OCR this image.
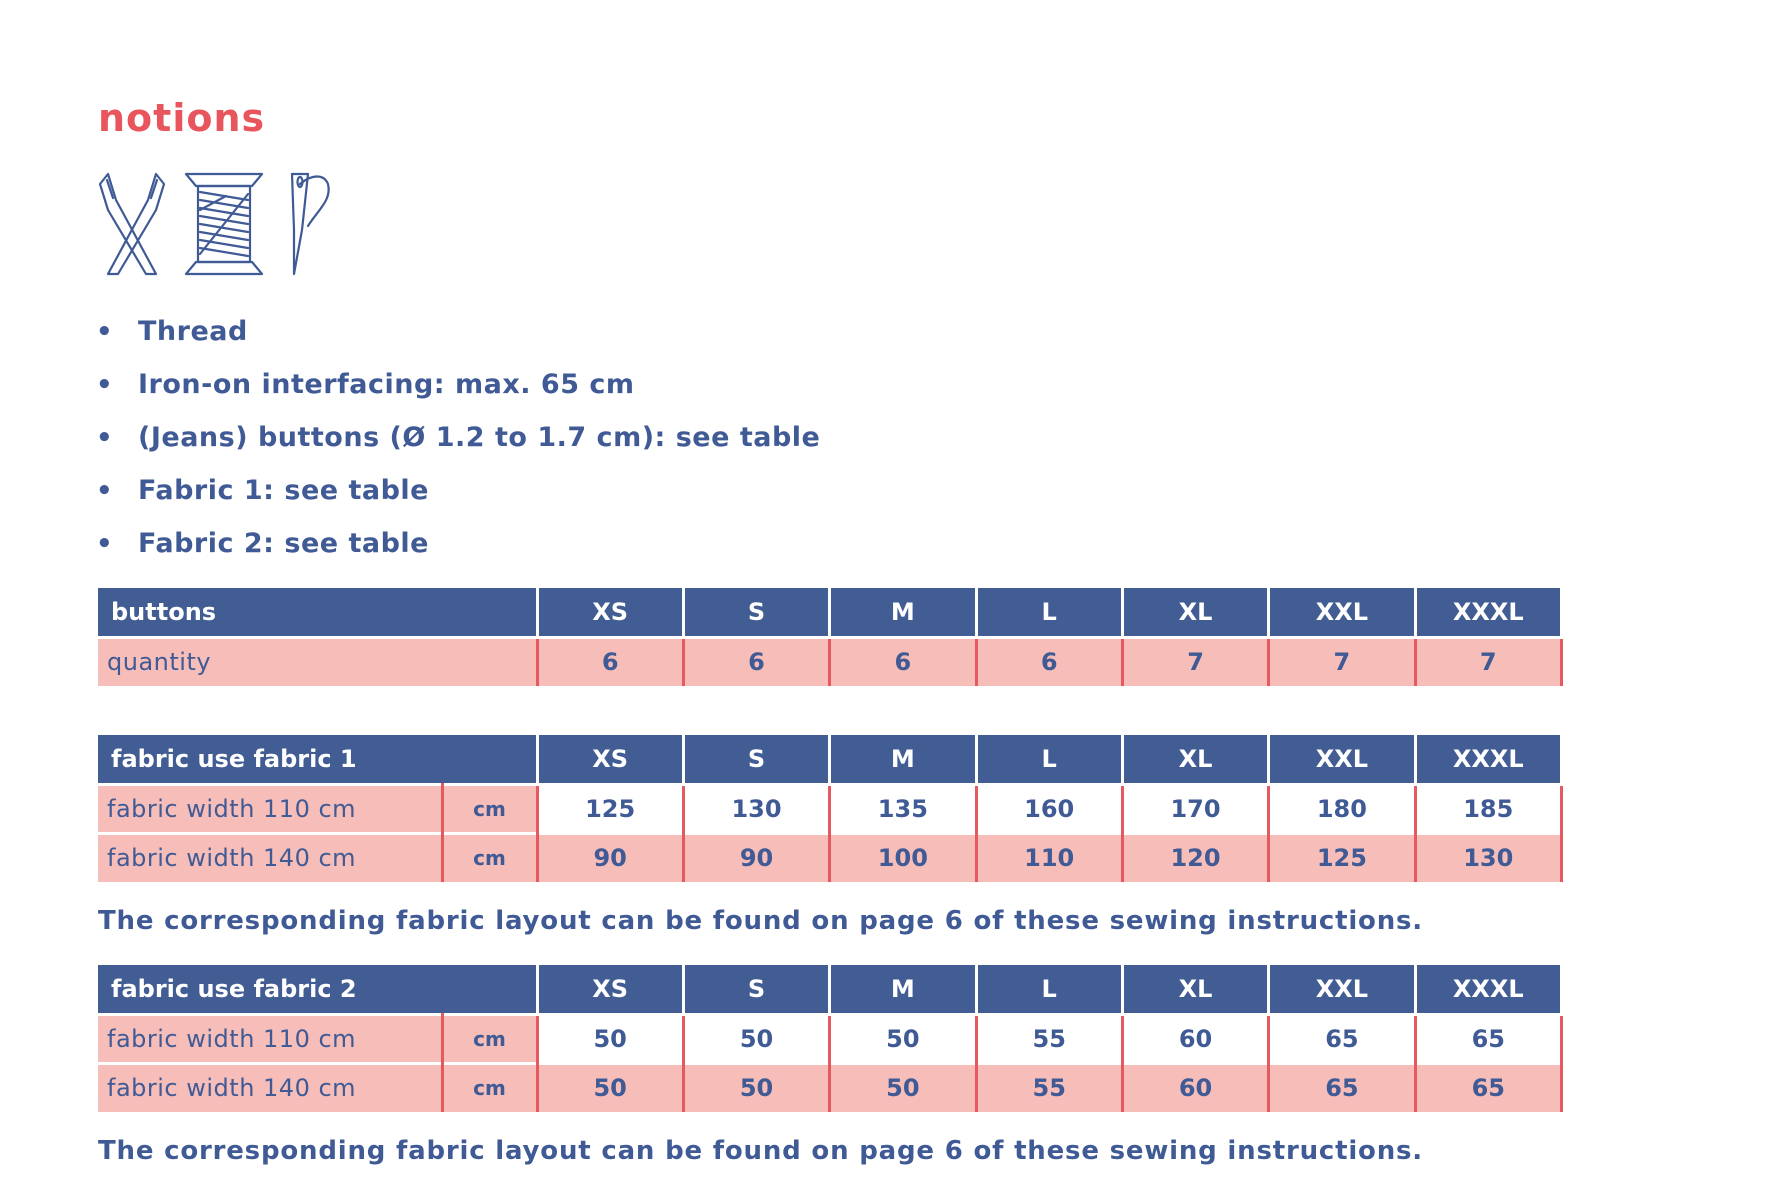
notions
• Thread
• Iron-on interfacing: max. 65 cm
• (Jeans) buttons (Ø 1.2 to 1.7 cm): see table
• Fabric 1: see table
• Fabric 2: see table
buttons	XS	S	M	L	XL	XXL	XXXL
quantity	6	6	6	6	7	7	7
fabric use fabric 1		XS	S	M	L	XL	XXL	XXXL
fabric width 110 cm	cm	125	130	135	160	170	180	185
fabric width 140 cm	cm	90	90	100	110	120	125	130

The corresponding fabric layout can be found on page 6 of these sewing instructions.

fabric use fabric 2		XS	S	M	L	XL	XXL	XXXL
fabric width 110 cm	cm	50	50	50	55	60	65	65
fabric width 140 cm	cm	50	50	50	55	60	65	65

The corresponding fabric layout can be found on page 6 of these sewing instructions.
